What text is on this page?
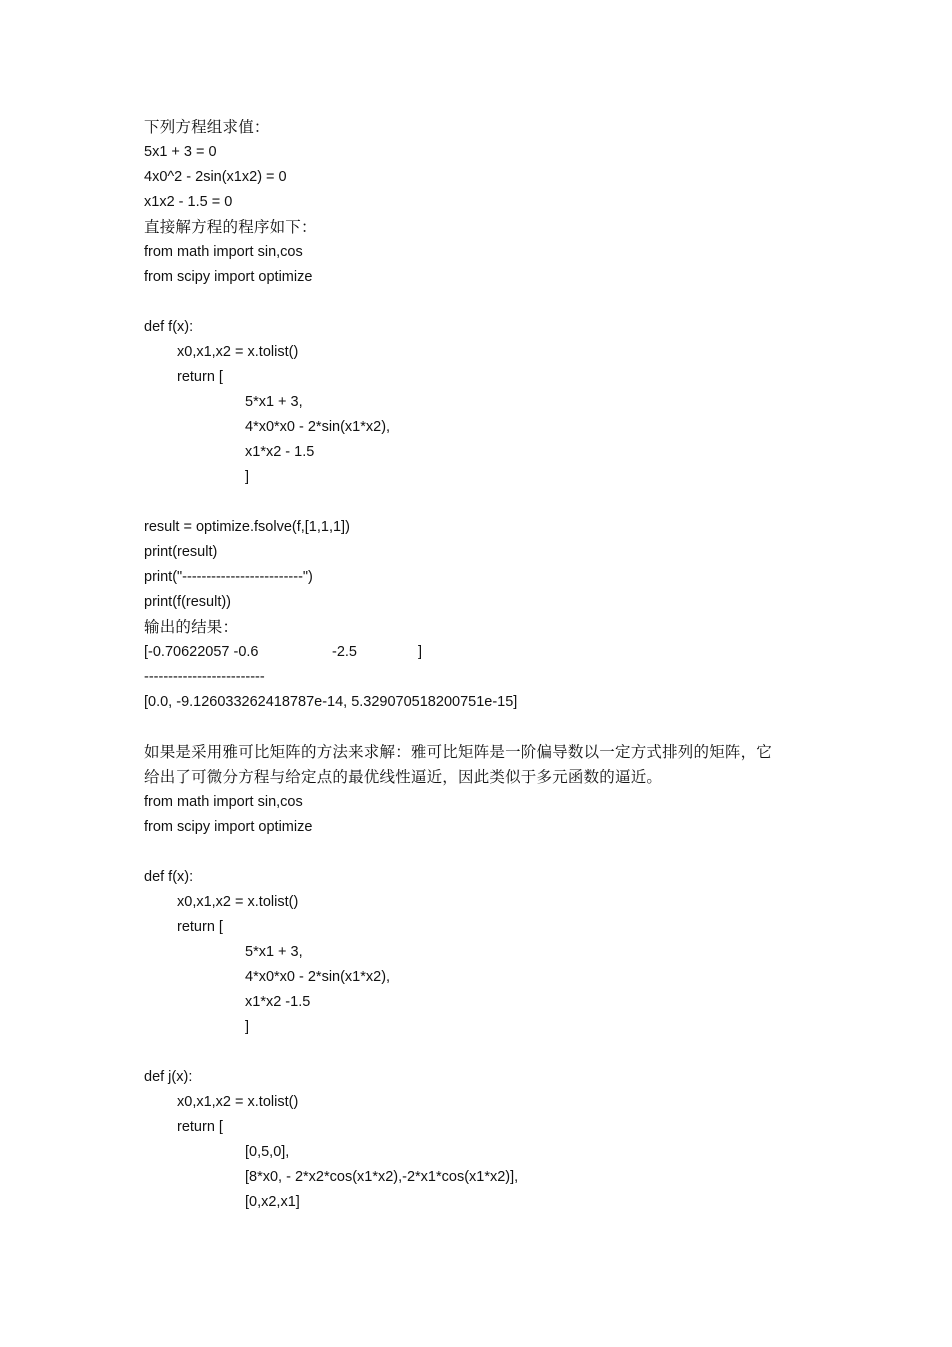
下列方程组求值：
5x1 + 3 = 0
4x0^2 - 2sin(x1x2) = 0
x1x2 - 1.5 = 0
直接解方程的程序如下：
from math import sin,cos
from scipy import optimize
def f(x):
x0,x1,x2 = x.tolist()
return [
5*x1 + 3,
4*x0*x0 - 2*sin(x1*x2),
x1*x2 - 1.5
]
result = optimize.fsolve(f,[1,1,1])
print(result)
print("-------------------------")
print(f(result))
输出的结果：
[-0.70622057 -0.6	-2.5	]
-------------------------
[0.0, -9.126033262418787e-14, 5.329070518200751e-15]
如果是采用雅可比矩阵的方法来求解：雅可比矩阵是一阶偏导数以一定方式排列的矩阵，它
给出了可微分方程与给定点的最优线性逼近，因此类似于多元函数的逼近。
from math import sin,cos
from scipy import optimize
def f(x):
x0,x1,x2 = x.tolist()
return [
5*x1 + 3,
4*x0*x0 - 2*sin(x1*x2),
x1*x2 -1.5
]
def j(x):
x0,x1,x2 = x.tolist()
return [
[0,5,0],
[8*x0, - 2*x2*cos(x1*x2),-2*x1*cos(x1*x2)],
[0,x2,x1]
